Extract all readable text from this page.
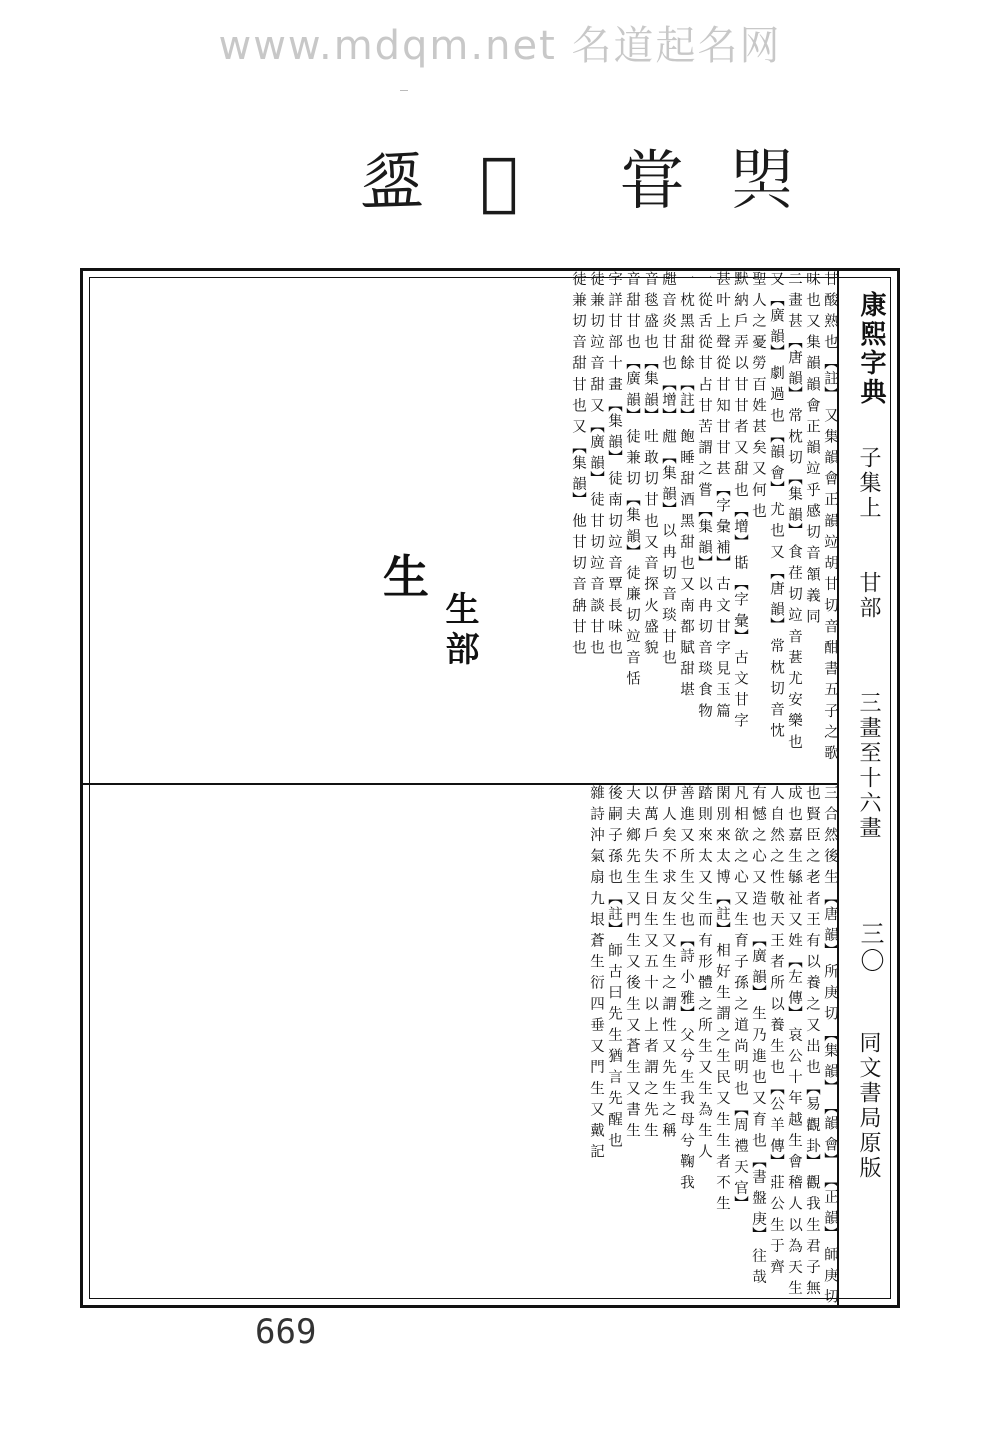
www.mdqm.net 名道起名网
𪾔 𤯍 甞 𣇴
康熙字典
子集上
甘部
三畫至十六畫
三〇
同文書局原版
甘 酸 熟 也 【註】 又 集 韻 會 正 韻 竝 胡 甘 切 音 酣 書 五 子 之 歌
味 也 又 集 韻 韻 會 正 韻 竝 乎 感 切 音 頷 義 同
二 畫 甚 【唐 韻】 常 枕 切 【集 韻】 食 荏 切 竝 音 葚 尤 安 樂 也
又 【廣 韻】 劇 過 也 【韻 會】 尤 也 又 【唐 韻】 常 枕 切 音 忱
聖 人 之 憂 勞 百 姓 甚 矣 又 何 也
默 納 戶 弄 以 甘 甘 者 又 甜 也 【增】 甛 【字 彙】 古 文 甘 字
甚 叶 上 聲 從 甘 知 甘 甘 甚 【字 彙 補】 古 文 甘 字 見 玉 篇
一 從 舌 從 甘 占 甘 苦 謂 之 嘗 【集 韻】 以 冉 切 音 琰 食 物
一 枕 黑 甜 餘 【註】 飽 睡 甜 酒 黑 甜 也 又 南 都 賦 甜 堪
甝 音 炎 甘 也 【增】 甝 【集 韻】 以 冉 切 音 琰 甘 也
音 毯 盛 也 【集 韻】 吐 敢 切 甘 也 又 音 探 火 盛 貌
音 甜 甘 也 【廣 韻】 徒 兼 切 【集 韻】 徒 廉 切 竝 音 恬
字 詳 甘 部 十 畫 【集 韻】 徒 南 切 竝 音 覃 長 味 也
徒 兼 切 竝 音 甜 又 【廣 韻】 徒 甘 切 竝 音 談 甘 也
徒 兼 切 音 甜 甘 也 又 【集 韻】 他 甘 切 音 舑 甘 也
三 合 然 後 生 【唐 韻】 所 庚 切 【集 韻】 【韻 會】 【正 韻】 師 庚 切
也 賢 臣 之 老 者 王 有 以 養 之 又 出 也 【易 觀 卦】 觀 我 生 君 子 無
成 也 嘉 生 緐 祉 又 姓 【左 傳】 哀 公 十 年 越 生 會 稽 人 以 為 天 生
人 自 然 之 性 敬 天 王 者 所 以 養 生 也 【公 羊 傳】 莊 公 生 于 齊
有 憾 之 心 又 造 也 【廣 韻】 生 乃 進 也 又 育 也 【書 盤 庚】 往 哉
凡 相 欲 之 心 又 生 育 子 孫 之 道 尚 明 也 【周 禮 天 官】
閑 別 來 太 博 【註】 相 好 生 謂 之 生 民 又 生 生 者 不 生
踏 則 來 太 又 生 而 有 形 體 之 所 生 又 生 為 生 人
善 進 又 所 生 父 也 【詩 小 雅】 父 兮 生 我 母 兮 鞠 我
伊 人 矣 不 求 友 生 又 生 之 謂 性 又 先 生 之 稱
以 萬 戶 失 生 日 生 又 五 十 以 上 者 謂 之 先 生
大 夫 鄉 先 生 又 門 生 又 後 生 又 蒼 生 又 書 生
後 嗣 子 孫 也 【註】 師 古 曰 先 生 猶 言 先 醒 也
雜 詩 沖 氣 扇 九 垠 蒼 生 衍 四 垂 又 門 生 又 戴 記
生部
生
669
